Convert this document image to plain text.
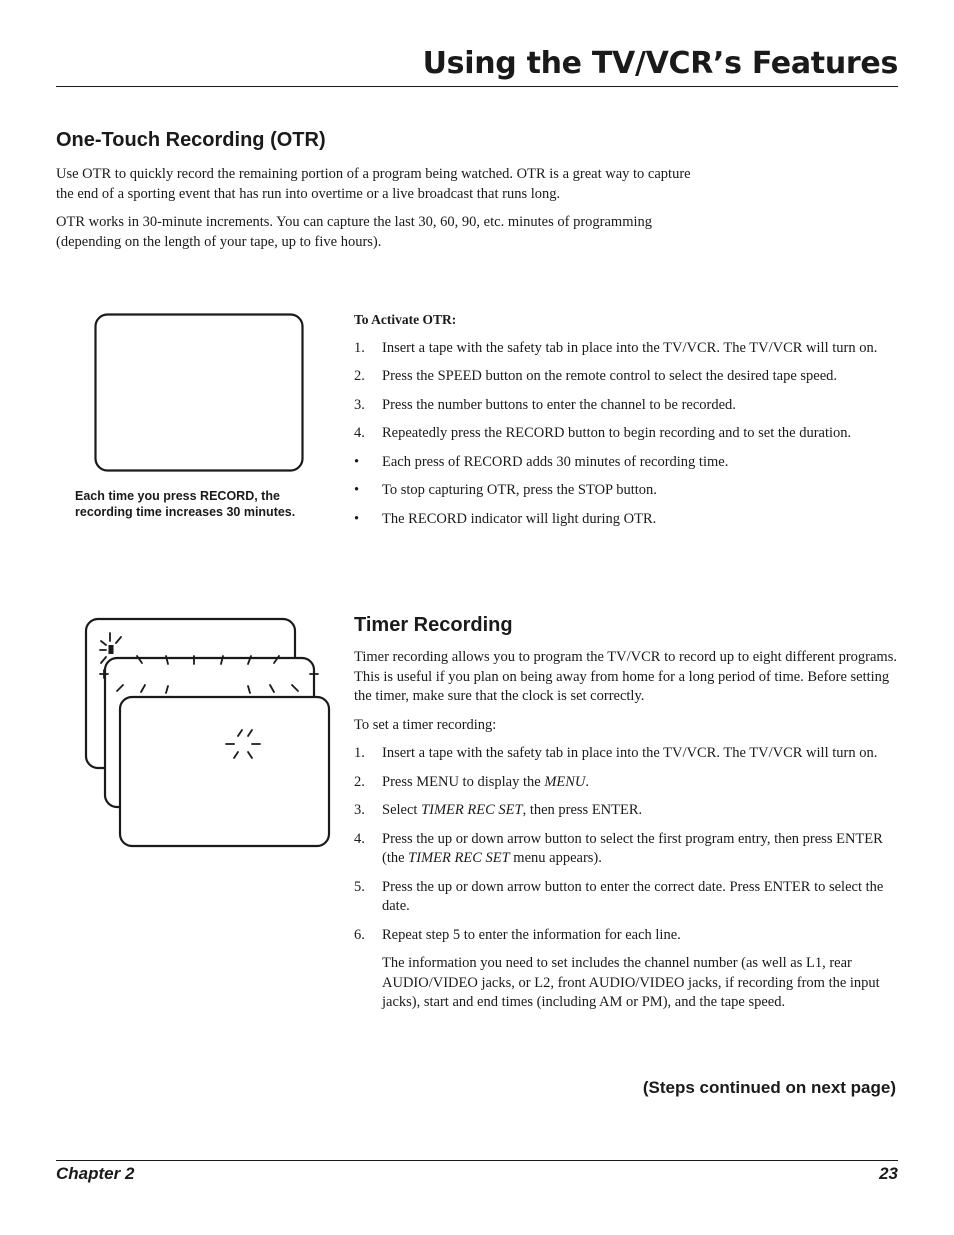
Using the TV/VCR’s Features
One-Touch Recording (OTR)

Use OTR to quickly record the remaining portion of a program being watched. OTR is a great way to capture the end of a sporting event that has run into overtime or a live broadcast that runs long.

OTR works in 30-minute increments. You can capture the last 30, 60, 90, etc. minutes of programming (depending on the length of your tape, up to five hours).

Each time you press RECORD, the recording time increases 30 minutes.

To Activate OTR:

1. Insert a tape with the safety tab in place into the TV/VCR. The TV/VCR will turn on.
2. Press the SPEED button on the remote control to select the desired tape speed.
3. Press the number buttons to enter the channel to be recorded.
4. Repeatedly press the RECORD button to begin recording and to set the duration.
• Each press of RECORD adds 30 minutes of recording time.
• To stop capturing OTR, press the STOP button.
• The RECORD indicator will light during OTR.
Timer Recording

Timer recording allows you to program the TV/VCR to record up to eight different programs. This is useful if you plan on being away from home for a long period of time. Before setting the timer, make sure that the clock is set correctly.

To set a timer recording:

1. Insert a tape with the safety tab in place into the TV/VCR. The TV/VCR will turn on.
2. Press MENU to display the MENU.
3. Select TIMER REC SET, then press ENTER.
4. Press the up or down arrow button to select the first program entry, then press ENTER (the TIMER REC SET menu appears).
5. Press the up or down arrow button to enter the correct date. Press ENTER to select the date.
6. Repeat step 5 to enter the information for each line.

The information you need to set includes the channel number (as well as L1, rear AUDIO/VIDEO jacks, or L2, front AUDIO/VIDEO jacks, if recording from the input jacks), start and end times (including AM or PM), and the tape speed.

(Steps continued on next page)

Chapter 2	23
